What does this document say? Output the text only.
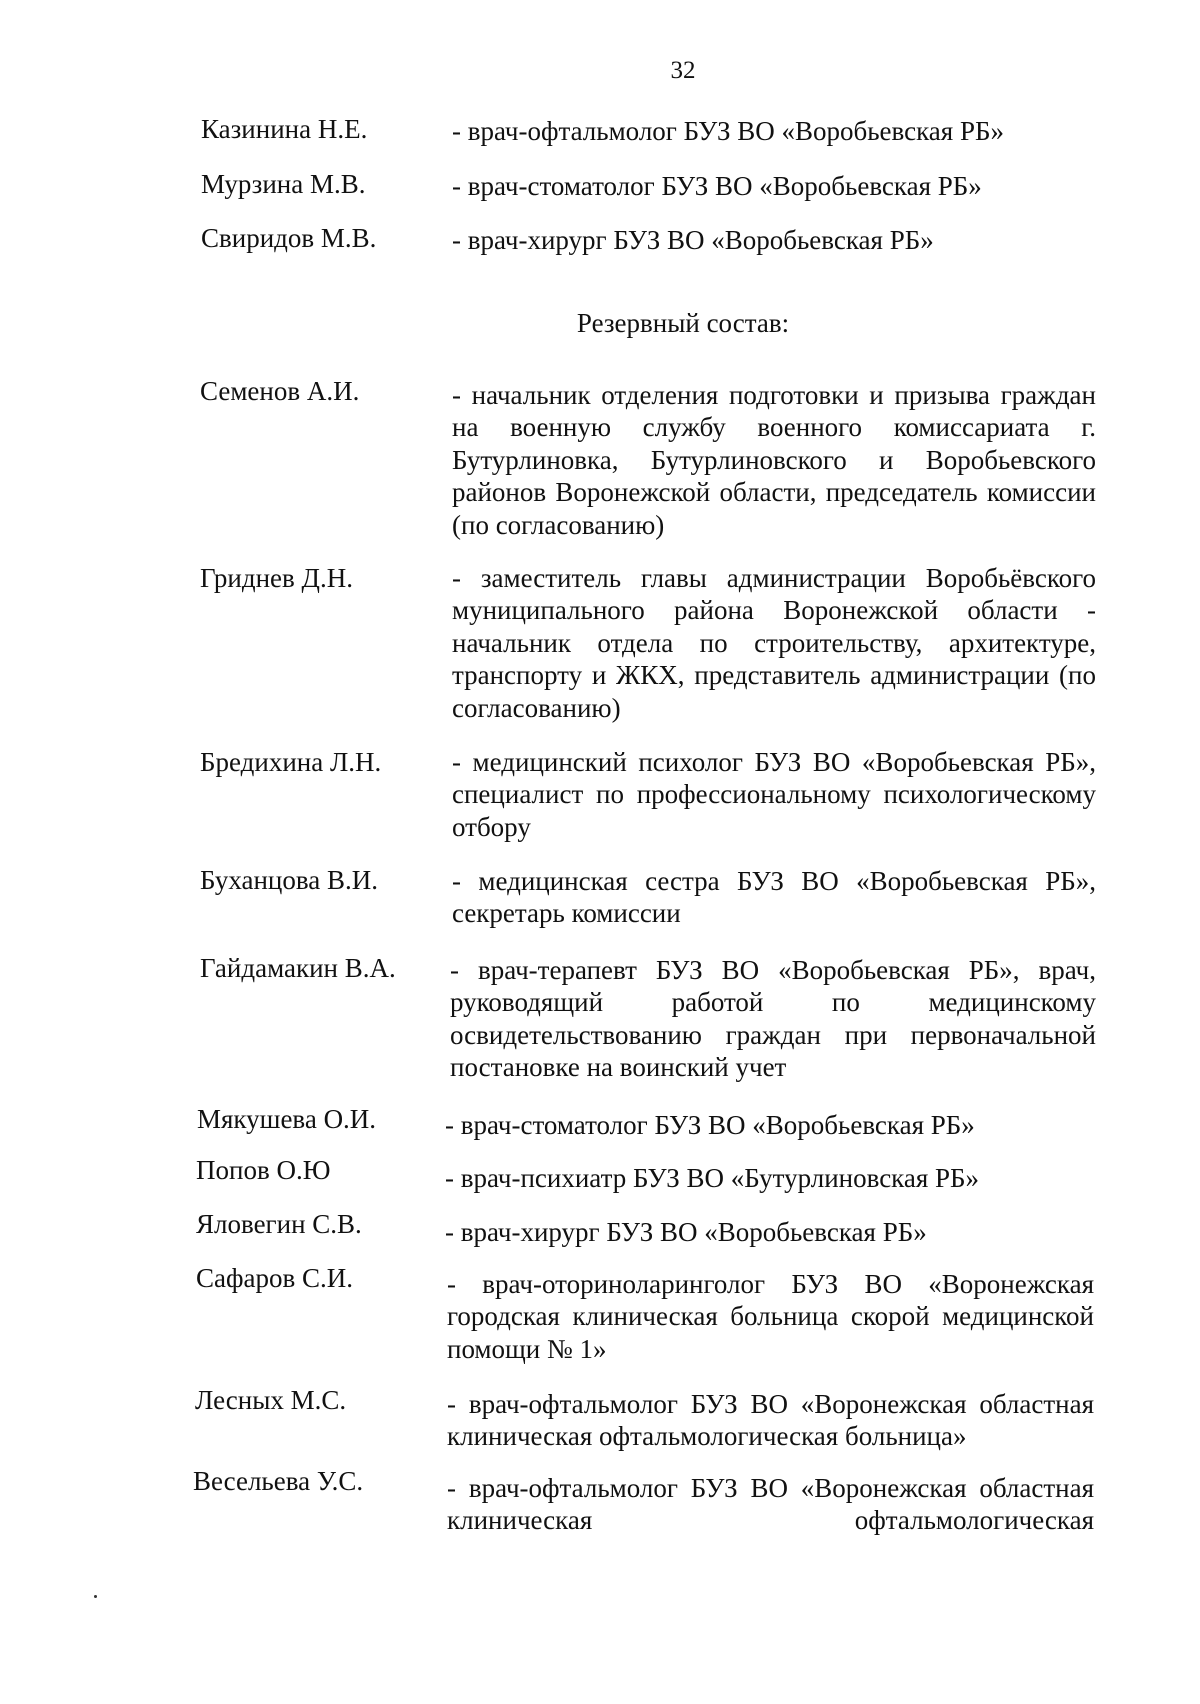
32
Казинина Н.Е.	- врач-офтальмолог БУЗ ВО «Воробьевская РБ»
Мурзина М.В.	- врач-стоматолог БУЗ ВО «Воробьевская РБ»
Свиридов М.В.	- врач-хирург БУЗ ВО «Воробьевская РБ»
Резервный состав:
Семенов А.И.	- начальник отделения подготовки и призыва граждан на военную службу военного комиссариата г. Бутурлиновка, Бутурлиновского и Воробьевского районов Воронежской области, председатель комиссии (по согласованию)
Гриднев Д.Н.	- заместитель главы администрации Воробьёвского муниципального района Воронежской области - начальник отдела по строительству, архитектуре, транспорту и ЖКХ, представитель администрации (по согласованию)
Бредихина Л.Н.	- медицинский психолог БУЗ ВО «Воробьевская РБ», специалист по профессиональному психологическому отбору
Буханцова В.И.	- медицинская сестра БУЗ ВО «Воробьевская РБ», секретарь комиссии
Гайдамакин В.А. - врач-терапевт БУЗ ВО «Воробьевская РБ», врач, руководящий работой по медицинскому освидетельствованию граждан при первоначальной постановке на воинский учет
Мякушева О.И.	- врач-стоматолог БУЗ ВО «Воробьевская РБ»
Попов О.Ю	- врач-психиатр БУЗ ВО «Бутурлиновская РБ»
Яловегин С.В.	- врач-хирург БУЗ ВО «Воробьевская РБ»
Сафаров С.И.	- врач-оториноларинголог БУЗ ВО «Воронежская городская клиническая больница скорой медицинской помощи № 1»
Лесных М.С.	- врач-офтальмолог БУЗ ВО «Воронежская областная клиническая офтальмологическая больница»
Весельева У.С.	- врач-офтальмолог БУЗ ВО «Воронежская областная клиническая офтальмологическая
